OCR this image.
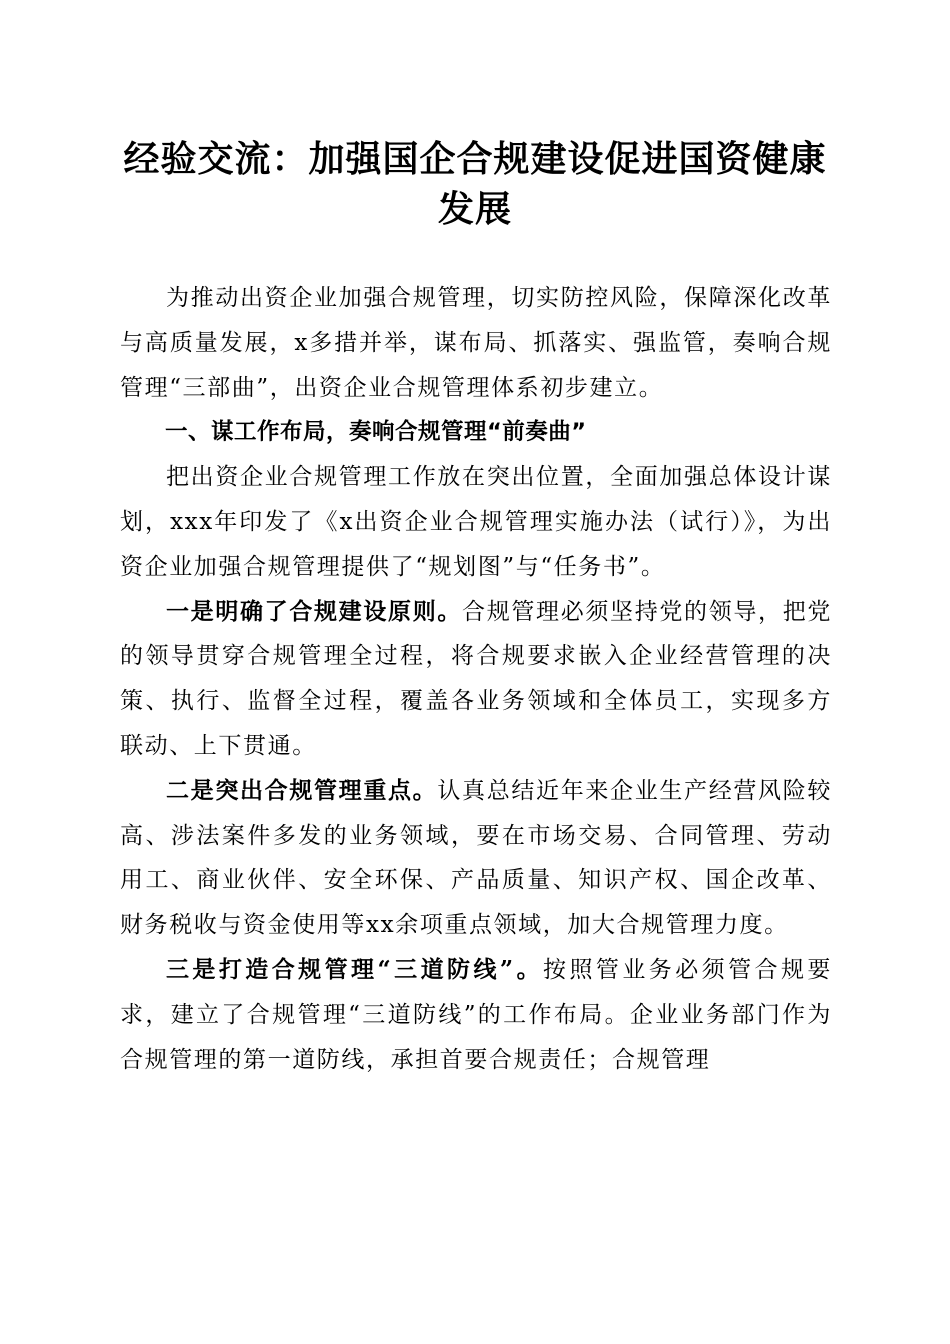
经验交流：加强国企合规建设促进国资健康发展

为推动出资企业加强合规管理，切实防控风险，保障深化改革与高质量发展，x多措并举，谋布局、抓落实、强监管，奏响合规管理“三部曲”，出资企业合规管理体系初步建立。

一、谋工作布局，奏响合规管理“前奏曲”

把出资企业合规管理工作放在突出位置，全面加强总体设计谋划，xxx年印发了《x出资企业合规管理实施办法（试行）》，为出资企业加强合规管理提供了“规划图”与“任务书”。

一是明确了合规建设原则。合规管理必须坚持党的领导，把党的领导贯穿合规管理全过程，将合规要求嵌入企业经营管理的决策、执行、监督全过程，覆盖各业务领域和全体员工，实现多方联动、上下贯通。

二是突出合规管理重点。认真总结近年来企业生产经营风险较高、涉法案件多发的业务领域，要在市场交易、合同管理、劳动用工、商业伙伴、安全环保、产品质量、知识产权、国企改革、财务税收与资金使用等xx余项重点领域，加大合规管理力度。

三是打造合规管理“三道防线”。按照管业务必须管合规要求，建立了合规管理“三道防线”的工作布局。企业业务部门作为合规管理的第一道防线，承担首要合规责任；合规管理
